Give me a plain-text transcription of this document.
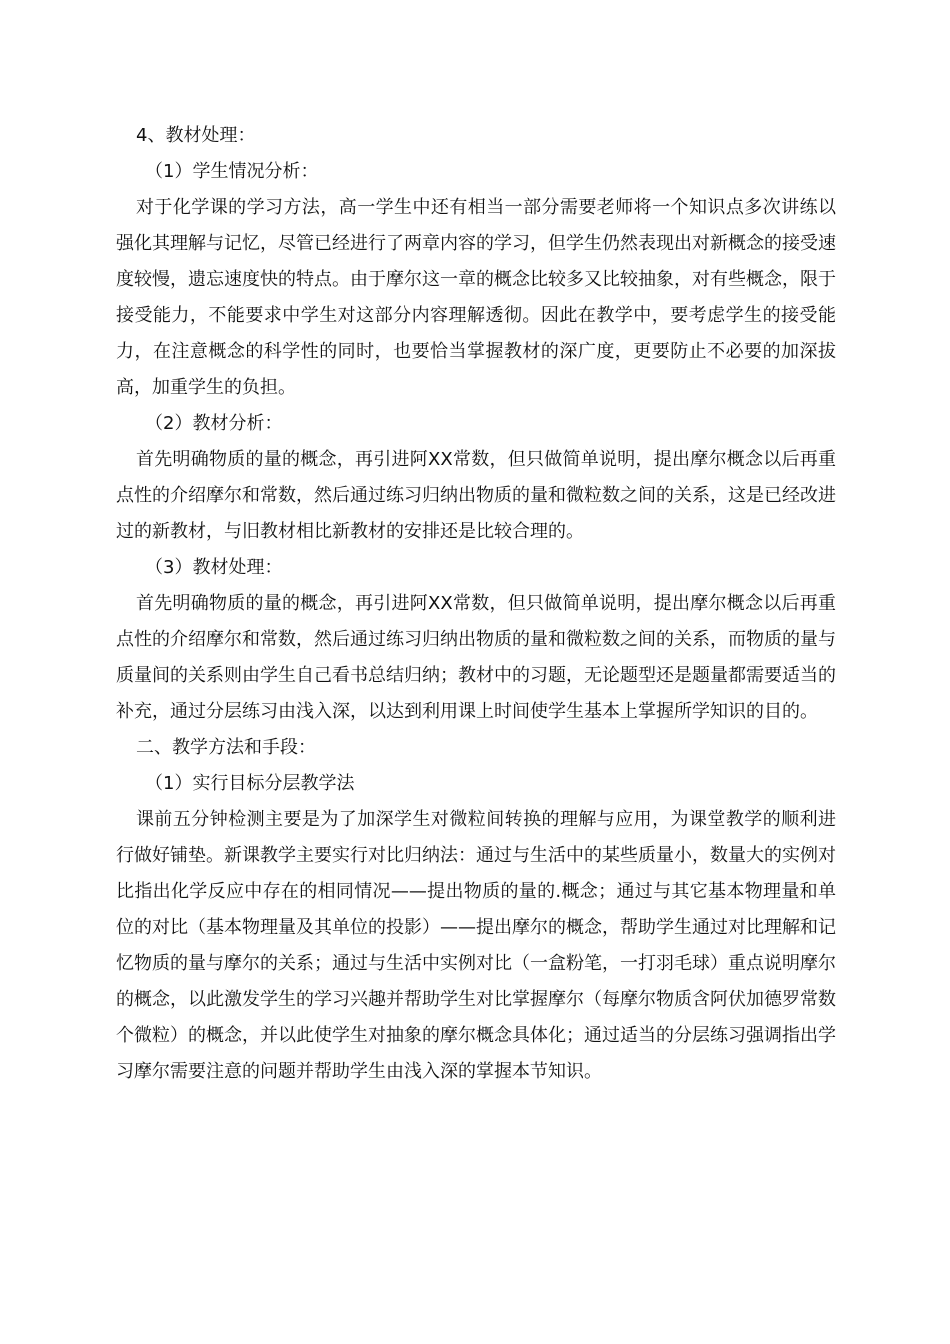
4、教材处理：

（1）学生情况分析：

对于化学课的学习方法，高一学生中还有相当一部分需要老师将一个知识点多次讲练以强化其理解与记忆，尽管已经进行了两章内容的学习，但学生仍然表现出对新概念的接受速度较慢，遗忘速度快的特点。由于摩尔这一章的概念比较多又比较抽象，对有些概念，限于接受能力，不能要求中学生对这部分内容理解透彻。因此在教学中，要考虑学生的接受能力，在注意概念的科学性的同时，也要恰当掌握教材的深广度，更要防止不必要的加深拔高，加重学生的负担。

（2）教材分析：

首先明确物质的量的概念，再引进阿XX常数，但只做简单说明，提出摩尔概念以后再重点性的介绍摩尔和常数，然后通过练习归纳出物质的量和微粒数之间的关系，这是已经改进过的新教材，与旧教材相比新教材的安排还是比较合理的。

（3）教材处理：

首先明确物质的量的概念，再引进阿XX常数，但只做简单说明，提出摩尔概念以后再重点性的介绍摩尔和常数，然后通过练习归纳出物质的量和微粒数之间的关系，而物质的量与质量间的关系则由学生自己看书总结归纳；教材中的习题，无论题型还是题量都需要适当的补充，通过分层练习由浅入深，以达到利用课上时间使学生基本上掌握所学知识的目的。

二、教学方法和手段：

（1）实行目标分层教学法

课前五分钟检测主要是为了加深学生对微粒间转换的理解与应用，为课堂教学的顺利进行做好铺垫。新课教学主要实行对比归纳法：通过与生活中的某些质量小，数量大的实例对比指出化学反应中存在的相同情况——提出物质的量的.概念；通过与其它基本物理量和单位的对比（基本物理量及其单位的投影）——提出摩尔的概念，帮助学生通过对比理解和记忆物质的量与摩尔的关系；通过与生活中实例对比（一盒粉笔，一打羽毛球）重点说明摩尔的概念，以此激发学生的学习兴趣并帮助学生对比掌握摩尔（每摩尔物质含阿伏加德罗常数个微粒）的概念，并以此使学生对抽象的摩尔概念具体化；通过适当的分层练习强调指出学习摩尔需要注意的问题并帮助学生由浅入深的掌握本节知识。
